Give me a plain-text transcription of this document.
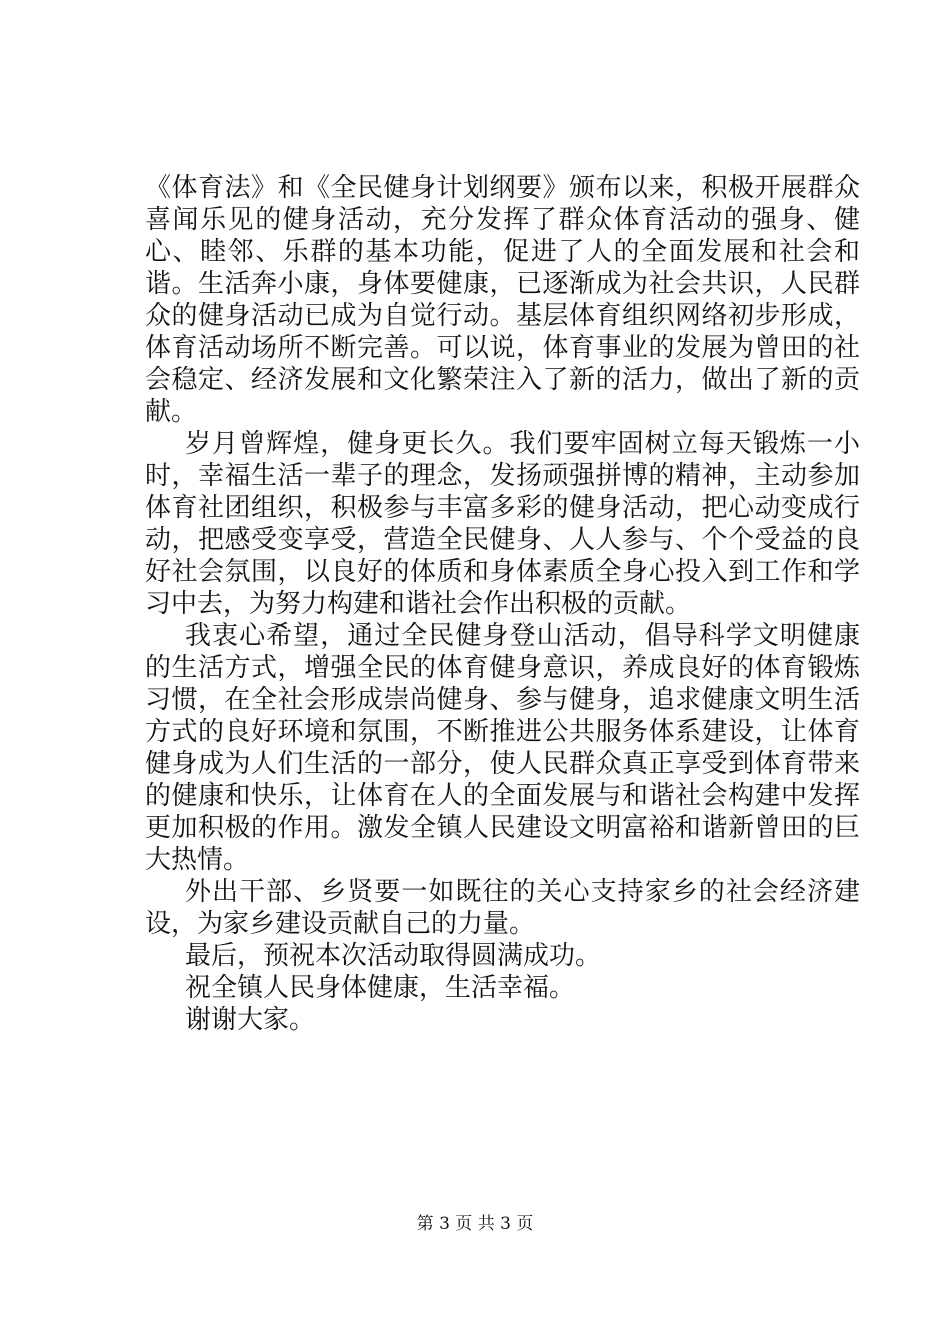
《体育法》和《全民健身计划纲要》颁布以来，积极开展群众喜闻乐见的健身活动，充分发挥了群众体育活动的强身、健心、睦邻、乐群的基本功能，促进了人的全面发展和社会和谐。生活奔小康，身体要健康，已逐渐成为社会共识，人民群众的健身活动已成为自觉行动。基层体育组织网络初步形成，体育活动场所不断完善。可以说，体育事业的发展为曾田的社会稳定、经济发展和文化繁荣注入了新的活力，做出了新的贡献。

岁月曾辉煌，健身更长久。我们要牢固树立每天锻炼一小时，幸福生活一辈子的理念，发扬顽强拼博的精神，主动参加体育社团组织，积极参与丰富多彩的健身活动，把心动变成行动，把感受变享受，营造全民健身、人人参与、个个受益的良好社会氛围，以良好的体质和身体素质全身心投入到工作和学习中去，为努力构建和谐社会作出积极的贡献。

我衷心希望，通过全民健身登山活动，倡导科学文明健康的生活方式，增强全民的体育健身意识，养成良好的体育锻炼习惯，在全社会形成崇尚健身、参与健身，追求健康文明生活方式的良好环境和氛围，不断推进公共服务体系建设，让体育健身成为人们生活的一部分，使人民群众真正享受到体育带来的健康和快乐，让体育在人的全面发展与和谐社会构建中发挥更加积极的作用。激发全镇人民建设文明富裕和谐新曾田的巨大热情。

外出干部、乡贤要一如既往的关心支持家乡的社会经济建设，为家乡建设贡献自己的力量。

最后，预祝本次活动取得圆满成功。

祝全镇人民身体健康，生活幸福。

谢谢大家。

第 3 页 共 3 页
